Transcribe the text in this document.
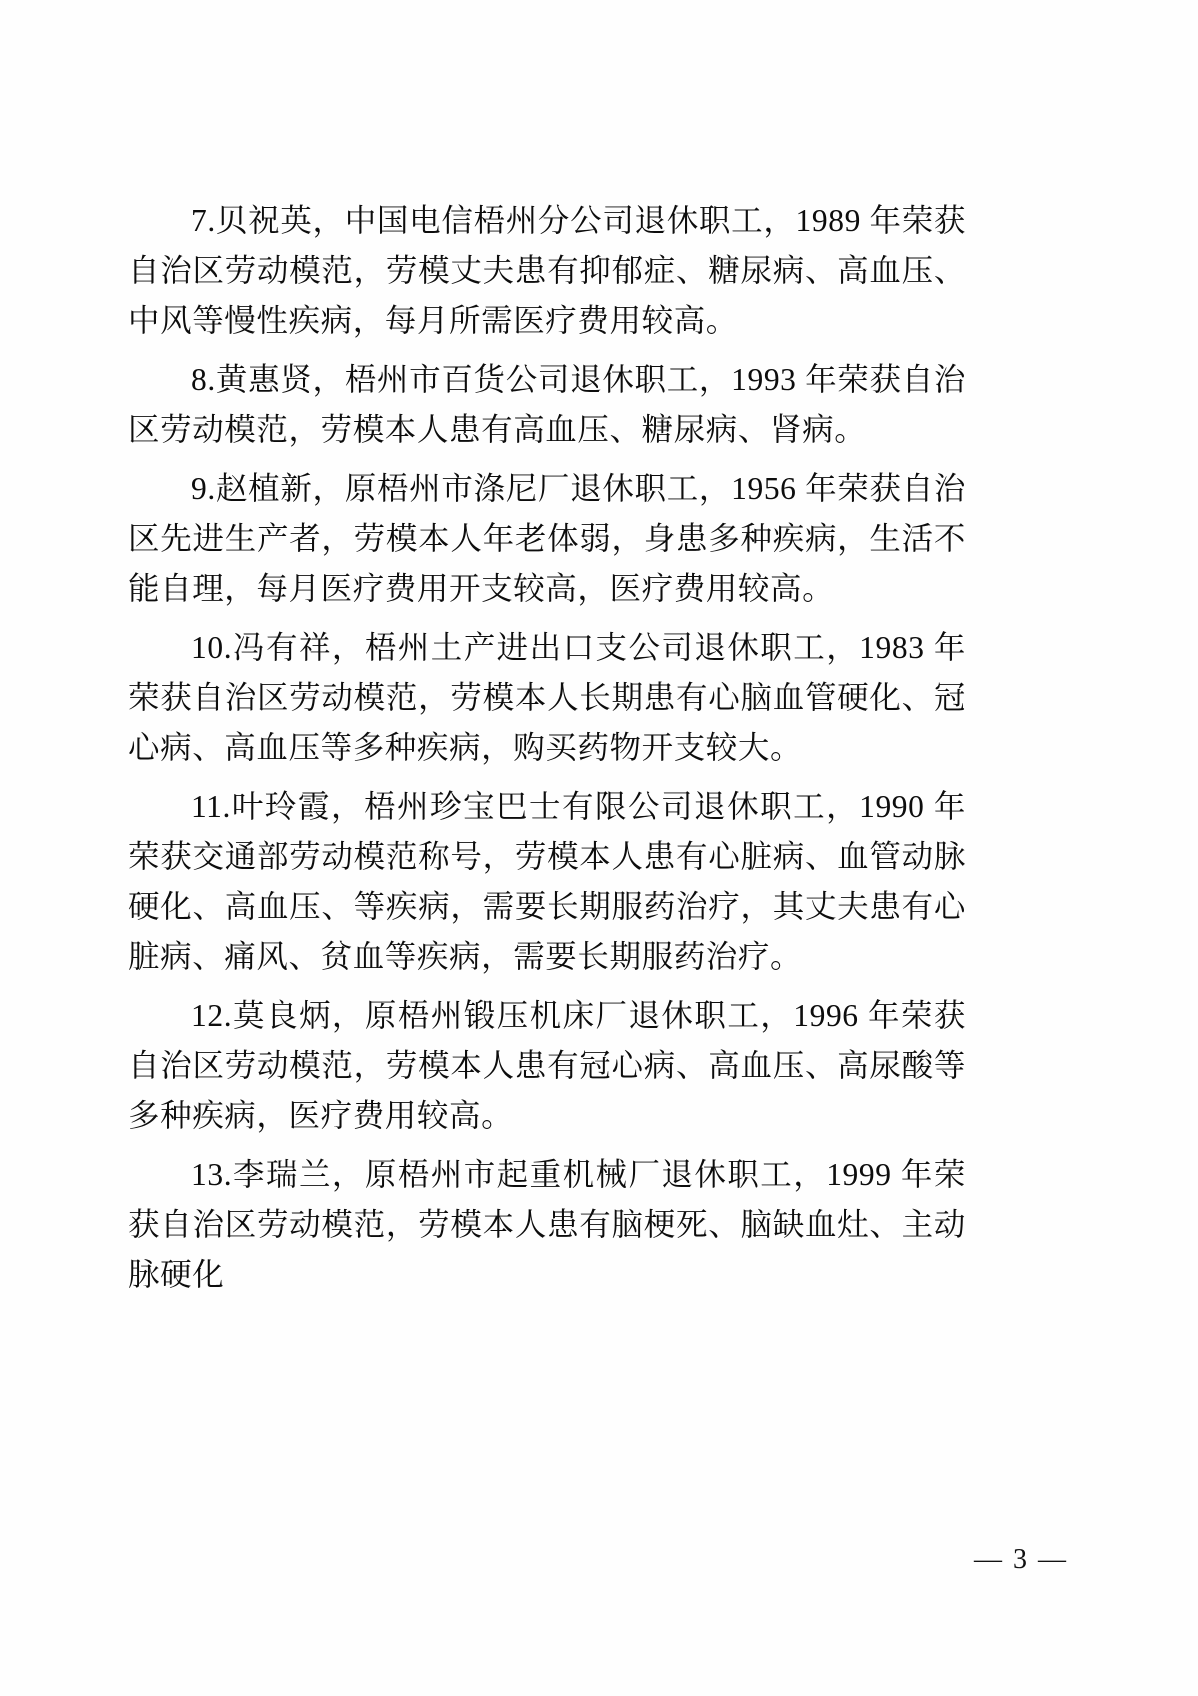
7.贝祝英，中国电信梧州分公司退休职工，1989 年荣获自治区劳动模范，劳模丈夫患有抑郁症、糖尿病、高血压、中风等慢性疾病，每月所需医疗费用较高。

8.黄惠贤，梧州市百货公司退休职工，1993 年荣获自治区劳动模范，劳模本人患有高血压、糖尿病、肾病。

9.赵植新，原梧州市涤尼厂退休职工，1956 年荣获自治区先进生产者，劳模本人年老体弱，身患多种疾病，生活不能自理，每月医疗费用开支较高，医疗费用较高。

10.冯有祥，梧州土产进出口支公司退休职工，1983 年荣获自治区劳动模范，劳模本人长期患有心脑血管硬化、冠心病、高血压等多种疾病，购买药物开支较大。

11.叶玲霞，梧州珍宝巴士有限公司退休职工，1990 年荣获交通部劳动模范称号，劳模本人患有心脏病、血管动脉硬化、高血压、等疾病，需要长期服药治疗，其丈夫患有心脏病、痛风、贫血等疾病，需要长期服药治疗。

12.莫良炳，原梧州锻压机床厂退休职工，1996 年荣获自治区劳动模范，劳模本人患有冠心病、高血压、高尿酸等多种疾病，医疗费用较高。

13.李瑞兰，原梧州市起重机械厂退休职工，1999 年荣获自治区劳动模范，劳模本人患有脑梗死、脑缺血灶、主动脉硬化

— 3 —
